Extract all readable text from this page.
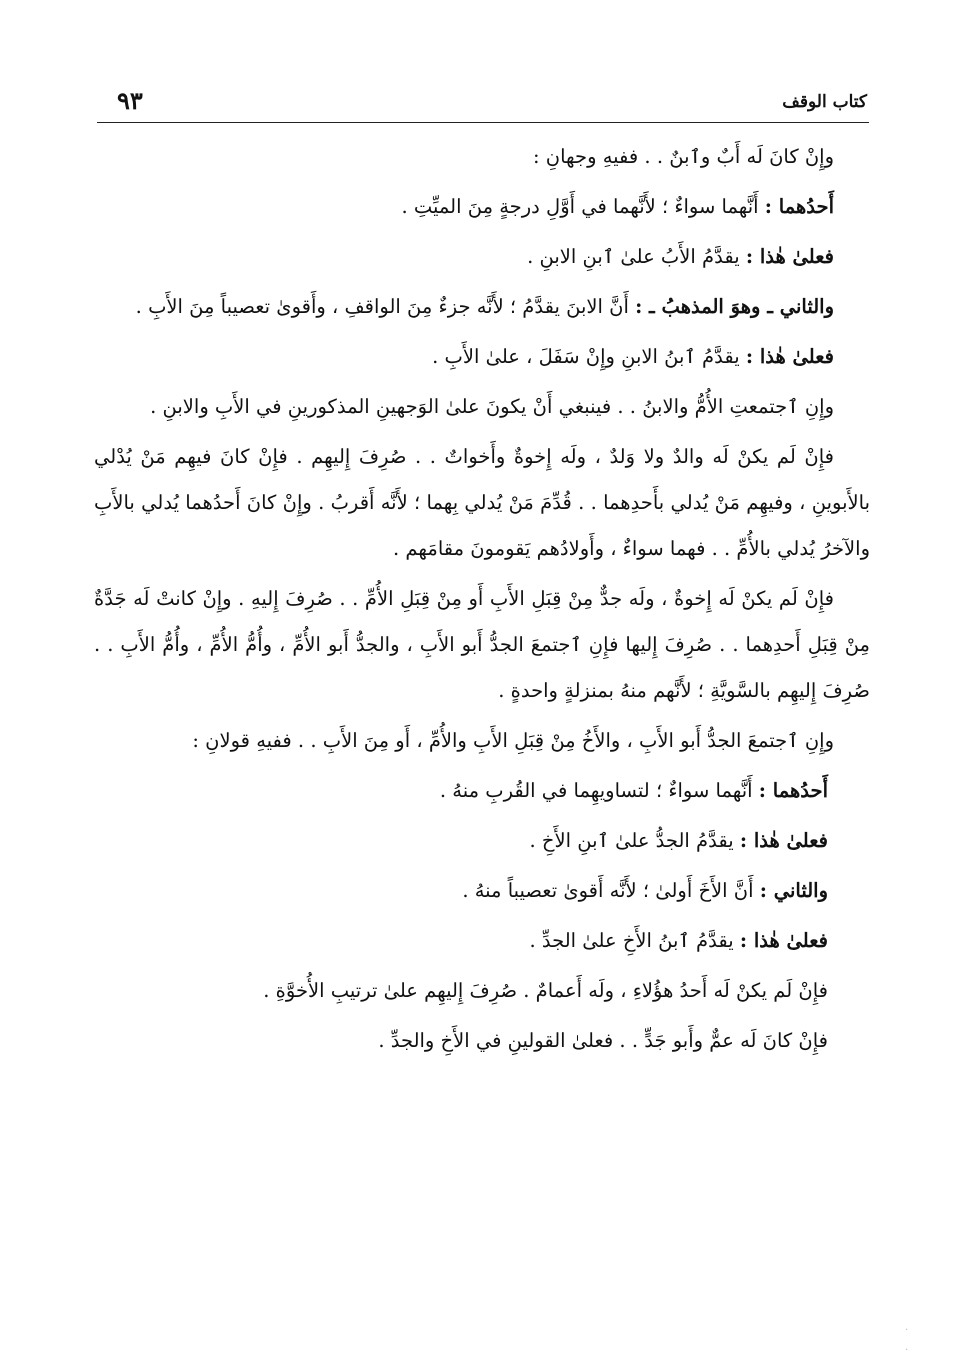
كتاب الوقف
٩٣

وإِنْ كانَ لَه أَبٌ وٱبنٌ . . ففيهِ وجهانِ :

أَحدُهما : أَنَّهما سواءٌ ؛ لأَنَّهما في أَوَّلِ درجةٍ مِنَ الميِّتِ .

فعلىٰ هٰذا : يقدَّمُ الأَبُ علىٰ ٱبنِ الابنِ .

والثاني ـ وهوَ المذهبُ ـ : أَنَّ الابنَ يقدَّمُ ؛ لأَنَّه جزءٌ مِنَ الواقفِ ، وأَقوىٰ تعصيباً مِنَ الأَبِ .

فعلىٰ هٰذا : يقدَّمُ ٱبنُ الابنِ وإِنْ سَفَلَ ، علىٰ الأَبِ .

وإِنِ ٱجتمعتِ الأُمُّ والابنُ . . فينبغي أَنْ يكونَ علىٰ الوَجهينِ المذكورينِ في الأَبِ والابنِ .

فإِنْ لَم يكنْ لَه والدٌ ولا وَلدٌ ، ولَه إِخوةٌ وأَخواتٌ . . صُرِفَ إِليهِم . فإِنْ كانَ فيهِم مَنْ يُدْلي بالأَبوينِ ، وفيهِم مَنْ يُدلي بأَحدِهما . . قُدِّمَ مَنْ يُدلي بِهما ؛ لأَنَّه أَقربُ . وإِنْ كانَ أَحدُهما يُدلي بالأَبِ والآخرُ يُدلي بالأُمِّ . . فهما سواءٌ ، وأَولادُهم يَقومونَ مقامَهم .

فإِنْ لَم يكنْ لَه إِخوةٌ ، ولَه جدٌّ مِنْ قِبَلِ الأَبِ أَو مِنْ قِبَلِ الأُمِّ . . صُرِفَ إِليهِ . وإِنْ كانتْ لَه جَدَّةٌ مِنْ قِبَلِ أَحدِهما . . صُرِفَ إِليها فإِنِ ٱجتمعَ الجدُّ أَبو الأَبِ ، والجدُّ أَبو الأُمِّ ، وأُمُّ الأُمِّ ، وأُمُّ الأَبِ . . صُرِفَ إِليهِم بالسَّويَّةِ ؛ لأَنَّهم منهُ بمنزلةٍ واحدةٍ .

وإِنِ ٱجتمعَ الجدُّ أَبو الأَبِ ، والأَخُ مِنْ قِبَلِ الأَبِ والأُمِّ ، أَو مِنَ الأَبِ . . ففيهِ قولانِ :

أَحدُهما : أَنَّهما سواءٌ ؛ لتساويهِما في القُربِ منهُ .

فعلىٰ هٰذا : يقدَّمُ الجدُّ علىٰ ٱبنِ الأَخِ .

والثاني : أَنَّ الأَخَ أَولىٰ ؛ لأَنَّه أَقوىٰ تعصيباً منهُ .

فعلىٰ هٰذا : يقدَّمُ ٱبنُ الأَخِ علىٰ الجدِّ .

فإِنْ لَم يكنْ لَه أَحدُ هؤُلاءِ ، ولَه أَعمامٌ . صُرِفَ إِليهِم علىٰ ترتيبِ الأُخوَّةِ .

فإِنْ كانَ لَه عمٌّ وأَبو جَدٍّ . . فعلىٰ القولينِ في الأَخِ والجدِّ .

·
·
